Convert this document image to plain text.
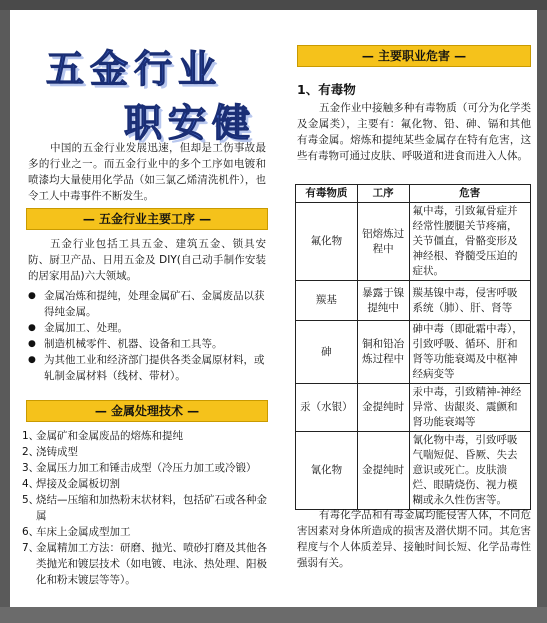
五金行业
职安健
中国的五金行业发展迅速，但却是工伤事故最多的行业之一。而五金行业中的多个工序如电镀和喷漆均大量使用化学品（如三氯乙烯清洗机件），也令工人中毒事件不断发生。
— 五金行业主要工序 —
五金行业包括工具五金、建筑五金、锁具安防、厨卫产品、日用五金及 DIY(自己动手制作安装的居家用品)六大领域。
● 金属冶炼和提纯，处理金属矿石、金属废品以获得纯金属。
● 金属加工、处理。
● 制造机械零件、机器、设备和工具等。
● 为其他工业和经济部门提供各类金属原材料，或轧制金属材料（线材、带材）。
— 金属处理技术 —
1、
金属矿和金属废品的熔炼和提纯
2、
浇铸成型
3、
金属压力加工和锤击成型（冷压力加工或冷锻）
4、
焊接及金属板切割
5、
烧结—压缩和加热粉末状材料，包括矿石或各种金属
6、
车床上金属成型加工
7、
金属精加工方法：研磨、抛光、喷砂打磨及其他各类抛光和镀层技术（如电镀、电泳、热处理、阳极化和粉末镀层等等）。
— 主要职业危害 —
1、有毒物
五金作业中接触多种有毒物质（可分为化学类及金属类），主要有：氟化物、铅、砷、镉和其他有毒金属。熔炼和提纯某些金属存在特有危害，这些有毒物可通过皮肤、呼吸道和进食而进入人体。
有毒物质	工序	危害
氟化物	铝熔炼过程中	氟中毒，引致氟骨症并经常性腰腿关节疼痛，关节僵直，骨骼变形及神经根、脊髓受压迫的症状。
羰基	暴露于镍提纯中	羰基镍中毒，侵害呼吸系统（肺）、肝、肾等
砷	铜和铅冶炼过程中	砷中毒（即砒霜中毒），引致呼吸、循环、肝和肾等功能衰竭及中枢神经病变等
汞（水银）	金提纯时	汞中毒，引致精神-神经异常、齿龈炎、震颤和肾功能衰竭等
氰化物	金提纯时	氰化物中毒，引致呼吸气喘短促、昏厥、失去意识或死亡。皮肤溃烂、眼睛烧伤、视力模糊或永久性伤害等。
有毒化学品和有毒金属均能侵害人体，不同危害因素对身体所造成的损害及潜伏期不同。其危害程度与个人体质差异、接触时间长短、化学品毒性强弱有关。
